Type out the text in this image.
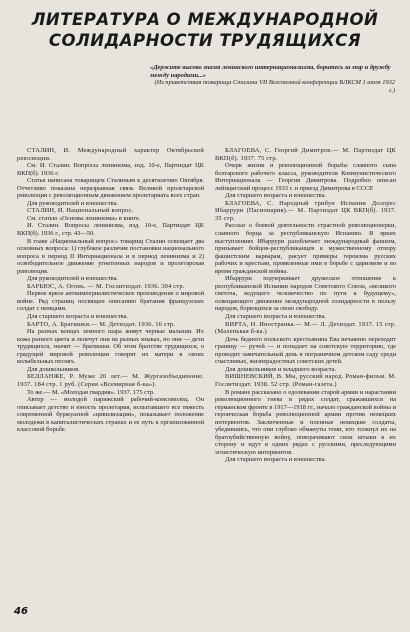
ЛИТЕРАТУРА О МЕЖДУНАРОДНОЙ
СОЛИДАРНОСТИ ТРУДЯЩИХСЯ
«Держите высоко знамя ленинского интернационализма, боритесь за мир и дружбу между народами...»
(Из приветствия товарища Сталина VII Всесоюзной конференции ВЛКСМ 1 июля 1932 г.)

СТАЛИН, И. Международный характер Октябрьской революции.

См. И. Сталин. Вопросы ленинизма, изд. 10-е, Партиздат ЦК ВКП(б). 1936 г.

Статья написана товарищем Сталиным к десятилетию Октября. Отчетливо показана неразрывная связь Великой пролетарской революции с революционным движением пролетариата всех стран.

Для руководителей и юношества.

СТАЛИН, И. Национальный вопрос.

См. статью «Основы ленинизма» в книге.

И. Сталин. Вопросы ленинизма, изд. 10-е, Партиздат ЦК ВКП(б). 1936 г., стр. 43—50.

В главе «Национальный вопрос» товарищ Сталин освещает два основных вопроса: 1) глубокое различие постановки национального вопроса в период II Интернационала и в период ленинизма и 2) освободительное движение угнетенных народов и пролетарская революция.

Для руководителей и юношества.

БАРБЮС, А. Огонь. — М. Гослитиздат. 1936. 304 стр.

Первое яркое антиимпериалистическое произведение о мировой войне. Ряд страниц посвящен описанию братания французских солдат с немцами.

Для старшего возраста и юношества.

БАРТО, А. Братишки.— М. Детиздат. 1936. 16 стр.

На разных концах земного шара живут черные малыши. Их кожа разного цвета и лепечут они на разных языках, но они — дети трудящихся, значит — братишки. Об этом братстве трудящихся, о грядущей мировой революции говорят их матери в своих колыбельных песнях.

Для дошкольников.

БЕЛЛАНЖЕ, Р. Муже 20 лет.— М. Жургазобъединение. 1937. 184 стр. 1 руб. (Серия «Всемирная б-ка»).

То же.— М. «Молодая гвардия». 1937. 175 стр.

Автор — молодой парижский рабочий-комсомолец. Он описывает детство и юность пролетария, испытавшего все тяжесть современной буржуазной «цивилизации», показывает положение молодежи в капиталистических странах и ее путь к организованной классовой борьбе.

БЛАГОЕВА, С. Георгий Димитров.— М. Партиздат ЦК ВКП(б). 1937. 75 стр.

Очерк жизни и революционной борьбы славного сына болгарского рабочего класса, руководителя Коммунистического Интернационала — Георгия Димитрова. Подробно описан лейпцигский процесс 1933 г. и приезд Димитрова в СССР.

Для старшего возраста и юношества.

БЛАГОЕВА, С. Народный трибун Испании Долорес Ибаррури (Пасионария).— М. Партиздат ЦК ВКП(б). 1937. 35 стр.

Рассказ о боевой деятельности страстной революционерки, славного борца за республиканскую Испанию. В ярких выступлениях Ибаррури разоблачает международный фашизм, призывает бойцов-республиканцев к мужественному отпору фашистским варварам, рисует примеры героизма русских рабочих и крестьян, проявленные ими в борьбе с царизмом и во время гражданской войны.

Ибаррури подчеркивает дружеское отношение к республиканской Испании народов Советского Союза, «великого светоча, ведущего человечество по пути к будущему», освещающего движение международной солидарности в пользу народов, борющихся за свою свободу.

Для старшего возраста и юношества.

ВИРТА, Н. Иностранка.— М.— Л. Детиздат. 1937. 15 стр. (Маленькая б-ка.)

Дочь бедного польского крестьянина Ева нечаянно переходит границу — ручей — и попадает на советскую территорию, где проводит замечательный день в пограничном детском саду среди счастливых, жизнерадостных советских детей.

Для дошкольников и младшего возраста.

ВИШНЕВСКИЙ, В. Мы, русский народ. Роман-фильм. М. Гослитиздат. 1938. 52 стр. (Роман-газета.)

В романе рассказано о одолевании старой армии и нарастании революционного гнева в рядах солдат, сражавшихся на германском фронте в 1917—1918 гг., начало гражданской войны и героическая борьба революционной армии против немецких интервентов. Заключенные и пленные немецкие солдаты, убедившись, что они глубоко обмануты теми, кто толкнул их на братоубийственную войну, поворачивают свои штыки в их сторону и идут в одних рядах с русскими, преследующими эгоистическую интервентов.

Для старшего возраста и юношества.

46
